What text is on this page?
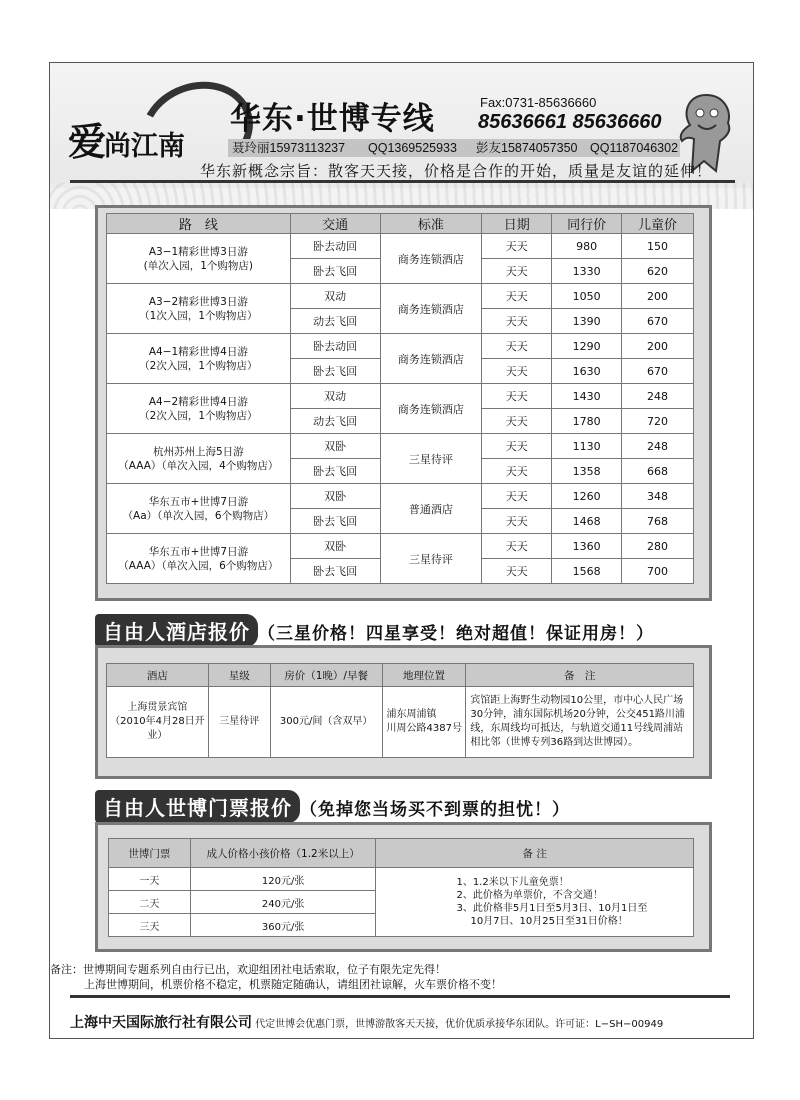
爱尚江南
华东·世博专线	Fax:0731-85636660
85636661 85636660
聂玲丽15973113237 QQ1369525933 彭友15874057350 QQ1187046302
华东新概念宗旨：散客天天接，价格是合作的开始，质量是友谊的延伸！
路　线	交通	标准	日期	同行价	儿童价
A3−1精彩世博3日游
(单次入园，1个购物店)	卧去动回	商务连锁酒店	天天	980	150
	卧去飞回		天天	1330	620
A3−2精彩世博3日游
（1次入园，1个购物店）	双动	商务连锁酒店	天天	1050	200
	动去飞回		天天	1390	670
A4−1精彩世博4日游
（2次入园，1个购物店）	卧去动回	商务连锁酒店	天天	1290	200
	卧去飞回		天天	1630	670
A4−2精彩世博4日游
（2次入园，1个购物店）	双动	商务连锁酒店	天天	1430	248
	动去飞回		天天	1780	720
杭州苏州上海5日游
（AAA）（单次入园，4个购物店）	双卧	三星待评	天天	1130	248
	卧去飞回		天天	1358	668
华东五市+世博7日游
（Aa）（单次入园，6个购物店）	双卧	普通酒店	天天	1260	348
	卧去飞回		天天	1468	768
华东五市+世博7日游
（AAA）（单次入园，6个购物店）	双卧	三星待评	天天	1360	280
	卧去飞回		天天	1568	700
自由人酒店报价 （三星价格！四星享受！绝对超值！保证用房！）
酒店	星级	房价（1晚）/早餐	地理位置	备　注
上海贯景宾馆
（2010年4月28日开业）	三星待评	300元/间（含双早）	浦东周浦镇
川周公路4387号	宾馆距上海野生动物园10公里，市中心人民广场30分钟，浦东国际机场20分钟，公交451路川浦线，东周线均可抵达，与轨道交通11号线周浦站相比邻（世博专列36路到达世博园）。
自由人世博门票报价 （免掉您当场买不到票的担忧！）
世博门票	成人价格小孩价格（1.2米以上）	备 注
一天	120元/张	1、1.2米以下儿童免票！
2、此价格为单票价，不含交通！
3、此价格非5月1日至5月3日、10月1日至
10月7日、10月25日至31日价格！
二天	240元/张	
三天	360元/张	
备注：世博期间专题系列自由行已出，欢迎组团社电话索取，位子有限先定先得！
上海世博期间，机票价格不稳定，机票随定随确认，请组团社谅解，火车票价格不变！
上海中天国际旅行社有限公司 代定世博会优惠门票，世博游散客天天接，优价优质承接华东团队。许可证：L−SH−00949
